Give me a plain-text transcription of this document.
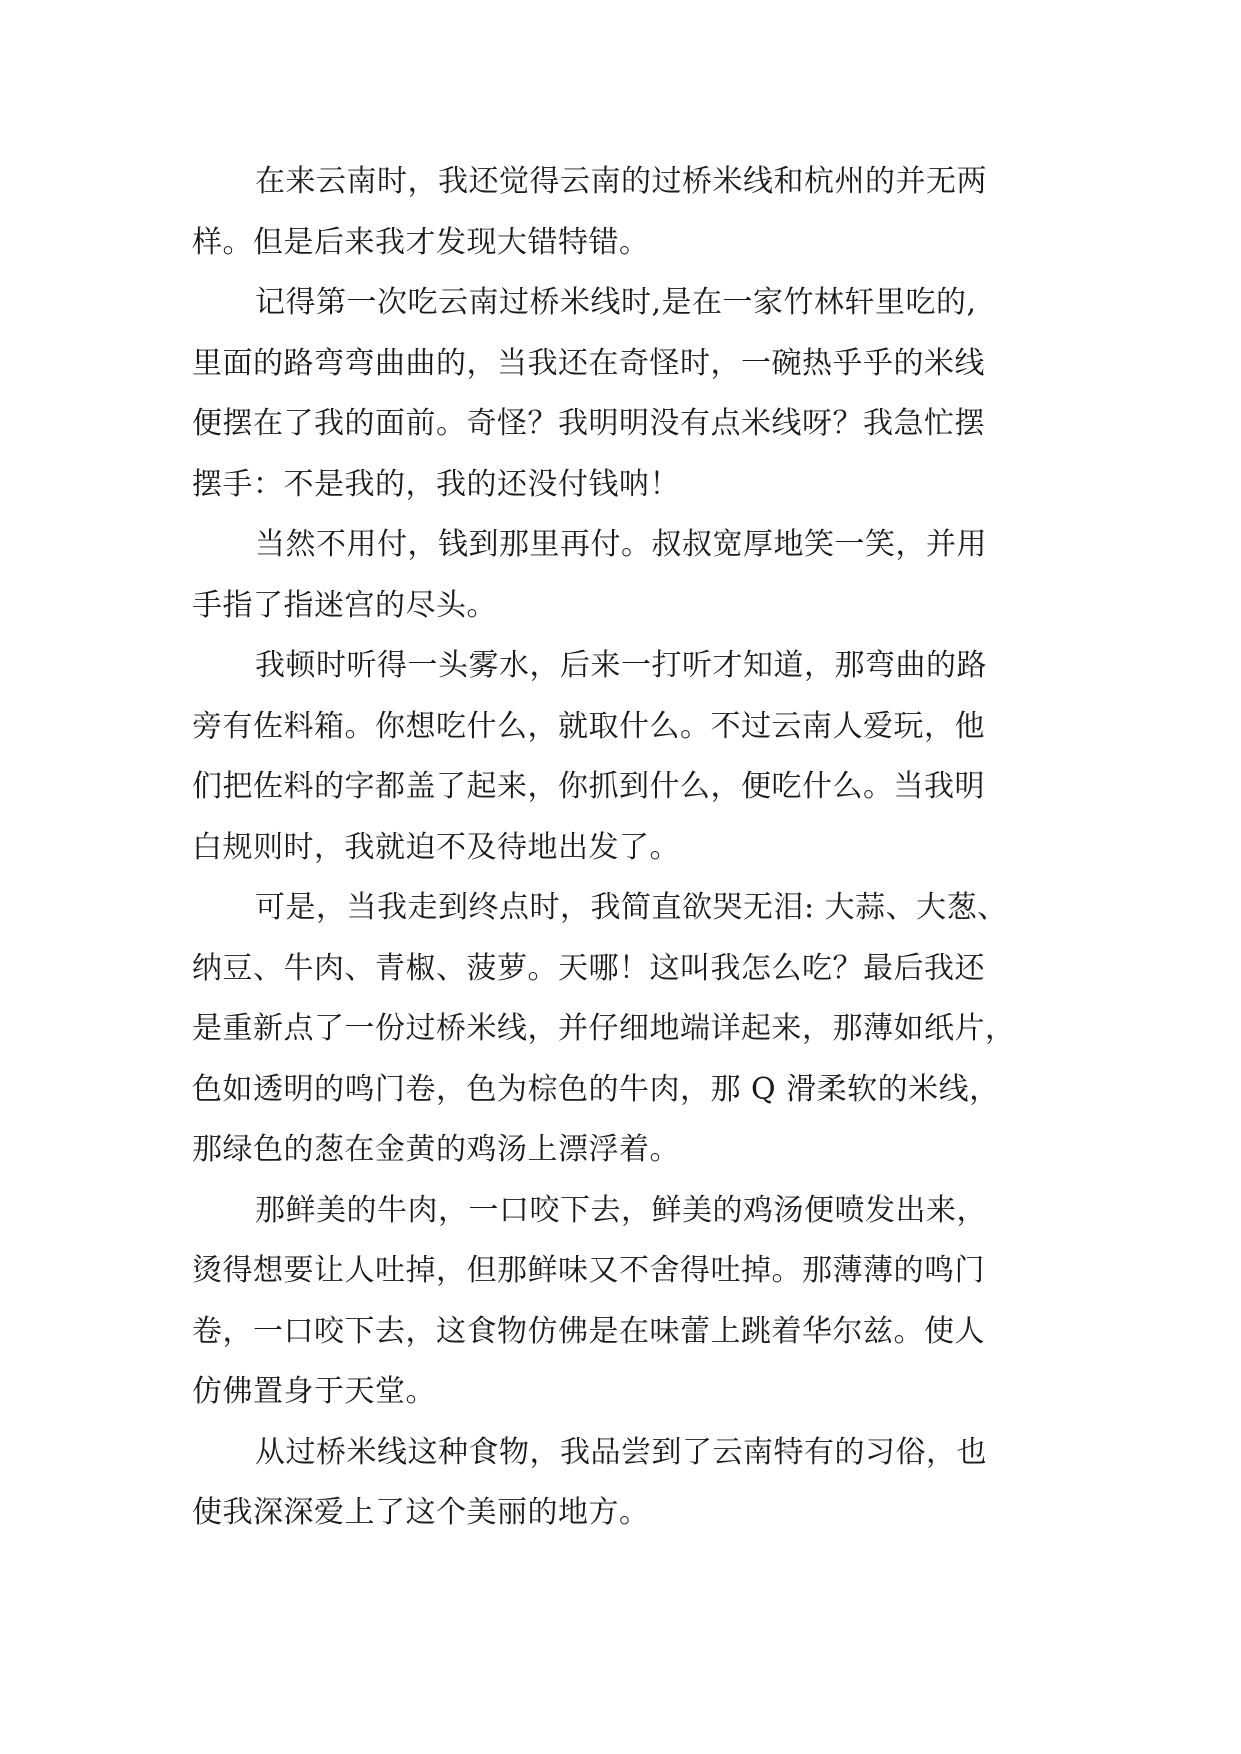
在来云南时，我还觉得云南的过桥米线和杭州的并无两
样。但是后来我才发现大错特错。
记得第一次吃云南过桥米线时,是在一家竹林轩里吃的,
里面的路弯弯曲曲的，当我还在奇怪时，一碗热乎乎的米线
便摆在了我的面前。奇怪？我明明没有点米线呀？我急忙摆
摆手：不是我的，我的还没付钱呐！
当然不用付，钱到那里再付。叔叔宽厚地笑一笑，并用
手指了指迷宫的尽头。
我顿时听得一头雾水，后来一打听才知道，那弯曲的路
旁有佐料箱。你想吃什么，就取什么。不过云南人爱玩，他
们把佐料的字都盖了起来，你抓到什么，便吃什么。当我明
白规则时，我就迫不及待地出发了。
可是，当我走到终点时，我简直欲哭无泪: 大蒜、大葱、
纳豆、牛肉、青椒、菠萝。天哪！这叫我怎么吃？最后我还
是重新点了一份过桥米线，并仔细地端详起来，那薄如纸片，
色如透明的鸣门卷，色为棕色的牛肉，那 Q 滑柔软的米线，
那绿色的葱在金黄的鸡汤上漂浮着。
那鲜美的牛肉，一口咬下去，鲜美的鸡汤便喷发出来，
烫得想要让人吐掉，但那鲜味又不舍得吐掉。那薄薄的鸣门
卷，一口咬下去，这食物仿佛是在味蕾上跳着华尔兹。使人
仿佛置身于天堂。
从过桥米线这种食物，我品尝到了云南特有的习俗，也
使我深深爱上了这个美丽的地方。
